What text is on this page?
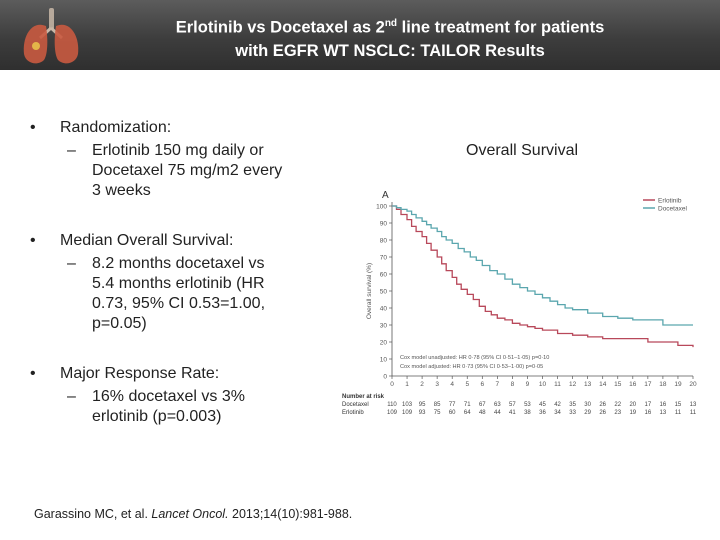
Erlotinib vs Docetaxel as 2nd line treatment for patients
with EGFR WT NSCLC: TAILOR Results
• Randomization:
– Erlotinib 150 mg daily or
Docetaxel 75 mg/m2 every
3 weeks
• Median Overall Survival:
– 8.2 months docetaxel vs
5.4 months erlotinib (HR
0.73, 95% CI 0.53=1.00,
p=0.05)
• Major Response Rate:
– 16% docetaxel vs 3%
erlotinib (p=0.003)
Overall Survival
A
0
10
20
30
40
50
60
70
80
90
100
0 1 2 3 4 5 6 7 8 9 10 11 12 13 14 15 16 17 18 19 20
Overall survival (%)
Erlotinib
Docetaxel
Cox model unadjusted: HR 0·78 (95% CI 0·51–1·05) p=0·10
Cox model adjusted: HR 0·73 (95% CI 0·53–1·00) p=0·05
Number at risk
Docetaxel	110 103 95 85 77 71 67 63 57 53 45 42 35 30 26 22 20 17 16 15 13
Erlotinib	109 109 93 75 60 64 48 44 41 38 36 34 33 29 26 23 19 16 13 11 11
Garassino MC, et al. Lancet Oncol. 2013;14(10):981-988.
